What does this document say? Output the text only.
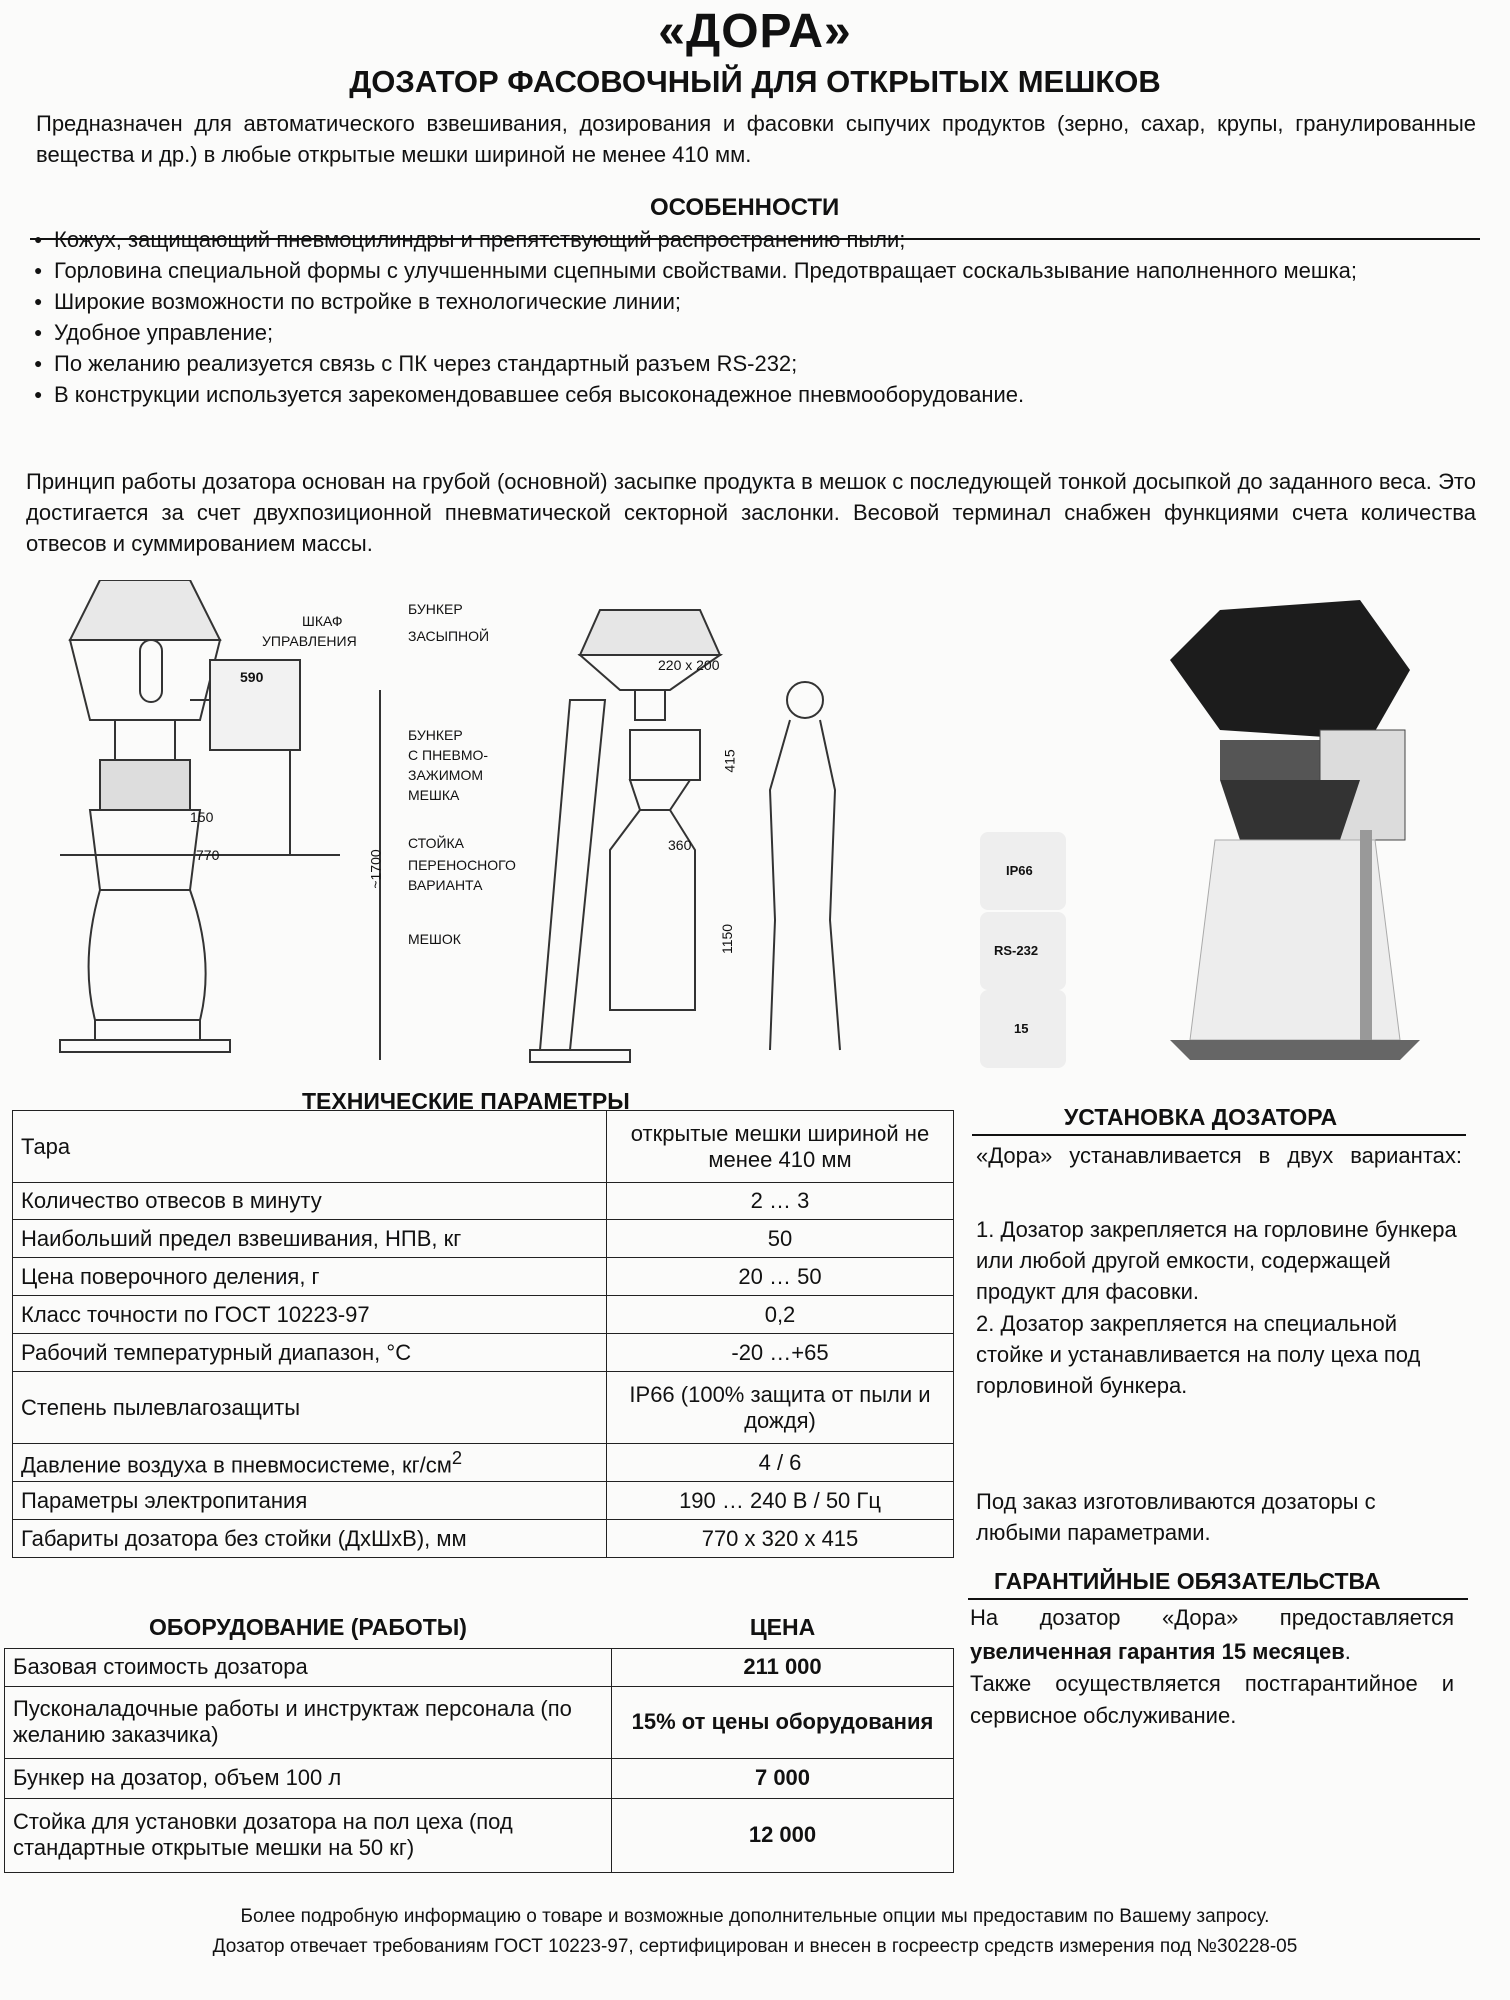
«ДОРА»
ДОЗАТОР ФАСОВОЧНЫЙ ДЛЯ ОТКРЫТЫХ МЕШКОВ
Предназначен для автоматического взвешивания, дозирования и фасовки сыпучих продуктов (зерно, сахар, крупы, гранулированные вещества и др.) в любые открытые мешки шириной не менее 410 мм.
ОСОБЕННОСТИ
● Кожух, защищающий пневмоцилиндры и препятствующий распространению пыли;
● Горловина специальной формы с улучшенными сцепными свойствами. Предотвращает соскальзывание наполненного мешка;
● Широкие возможности по встройке в технологические линии;
● Удобное управление;
● По желанию реализуется связь с ПК через стандартный разъем RS-232;
● В конструкции используется зарекомендовавшее себя высоконадежное пневмооборудование.
Принцип работы дозатора основан на грубой (основной) засыпке продукта в мешок с последующей тонкой досыпкой до заданного веса. Это достигается за счет двухпозиционной пневматической секторной заслонки. Весовой терминал снабжен функциями счета количества отвесов и суммированием массы.
ШКАФ
УПРАВЛЕНИЯ
590
150
770
БУНКЕР
ЗАСЫПНОЙ
220 x 200
БУНКЕР
С ПНЕВМО-
ЗАЖИМОМ
МЕШКА
СТОЙКА
ПЕРЕНОСНОГО
ВАРИАНТА
МЕШОК
~1700
415
360
1150
IP66
RS-232
15
ТЕХНИЧЕСКИЕ ПАРАМЕТРЫ
Тара	открытые мешки шириной не менее 410 мм
Количество отвесов в минуту	2 … 3
Наибольший предел взвешивания, НПВ, кг	50
Цена поверочного деления, г	20 … 50
Класс точности по ГОСТ 10223-97	0,2
Рабочий температурный диапазон, °С	-20 …+65
Степень пылевлагозащиты	IP66 (100% защита от пыли и дождя)
Давление воздуха в пневмосистеме, $кг/см^2$	4 / 6
Параметры электропитания	190 … 240 В / 50 Гц
Габариты дозатора без стойки (ДхШхВ), мм	770 х 320 х 415
ОБОРУДОВАНИЕ (РАБОТЫ)	ЦЕНА
Базовая стоимость дозатора	211 000
Пусконаладочные работы и инструктаж персонала (по желанию заказчика)	15% от цены оборудования
Бункер на дозатор, объем 100 л	7 000
Стойка для установки дозатора на пол цеха (под стандартные открытые мешки на 50 кг)	12 000
УСТАНОВКА ДОЗАТОРА
«Дора» устанавливается в двух вариантах:
1. Дозатор закрепляется на горловине бункера или любой другой емкости, содержащей продукт для фасовки.
2. Дозатор закрепляется на специальной стойке и устанавливается на полу цеха под горловиной бункера.
Под заказ изготовливаются дозаторы с любыми параметрами.
ГАРАНТИЙНЫЕ ОБЯЗАТЕЛЬСТВА
На дозатор «Дора» предоставляется
увеличенная гарантия 15 месяцев.
Также осуществляется постгарантийное и сервисное обслуживание.
Более подробную информацию о товаре и возможные дополнительные опции мы предоставим по Вашему запросу.
Дозатор отвечает требованиям ГОСТ 10223-97, сертифицирован и внесен в госреестр средств измерения под №30228-05
